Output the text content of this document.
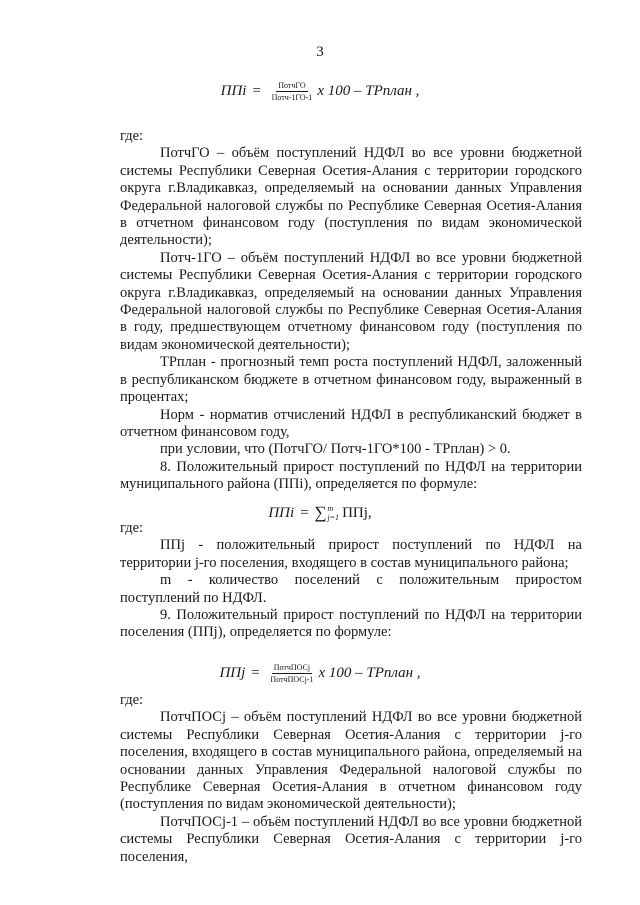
3
ППi = $\frac{\text{ПотчГО}}{\text{Потч-1ГО-1}}$ x 100 – ТРплан ,

где:

ПотчГО – объём поступлений НДФЛ во все уровни бюджетной системы Республики Северная Осетия-Алания с территории городского округа г.Владикавказ, определяемый на основании данных Управления Федеральной налоговой службы по Республике Северная Осетия-Алания в отчетном финансовом году (поступления по видам экономической деятельности);

Потч-1ГО – объём поступлений НДФЛ во все уровни бюджетной системы Республики Северная Осетия-Алания с территории городского округа г.Владикавказ, определяемый на основании данных Управления Федеральной налоговой службы по Республике Северная Осетия-Алания в году, предшествующем отчетному финансовом году (поступления по видам экономической деятельности);

ТРплан - прогнозный темп роста поступлений НДФЛ, заложенный в республиканском бюджете в отчетном финансовом году, выраженный в процентах;

Норм - норматив отчислений НДФЛ в республиканский бюджет в отчетном финансовом году,

при условии, что (ПотчГО/ Потч-1ГО*100 - ТРплан) > 0.

8. Положительный прирост поступлений по НДФЛ на территории муниципального района (ППi), определяется по формуле:

ППi = ∑ m
j=1 ППj,

где:

ППj - положительный прирост поступлений по НДФЛ на территории j-го поселения, входящего в состав муниципального района;

m - количество поселений с положительным приростом поступлений по НДФЛ.

9. Положительный прирост поступлений по НДФЛ на территории поселения (ППj), определяется по формуле:

ППj = $\frac{\text{ПотчПОСj}}{\text{ПотчПОСj-1}}$ x 100 – ТРплан ,

где:

ПотчПОСj – объём поступлений НДФЛ во все уровни бюджетной системы Республики Северная Осетия-Алания с территории j-го поселения, входящего в состав муниципального района, определяемый на основании данных Управления Федеральной налоговой службы по Республике Северная Осетия-Алания в отчетном финансовом году (поступления по видам экономической деятельности);

ПотчПОСj-1 – объём поступлений НДФЛ во все уровни бюджетной системы Республики Северная Осетия-Алания с территории j-го поселения,
